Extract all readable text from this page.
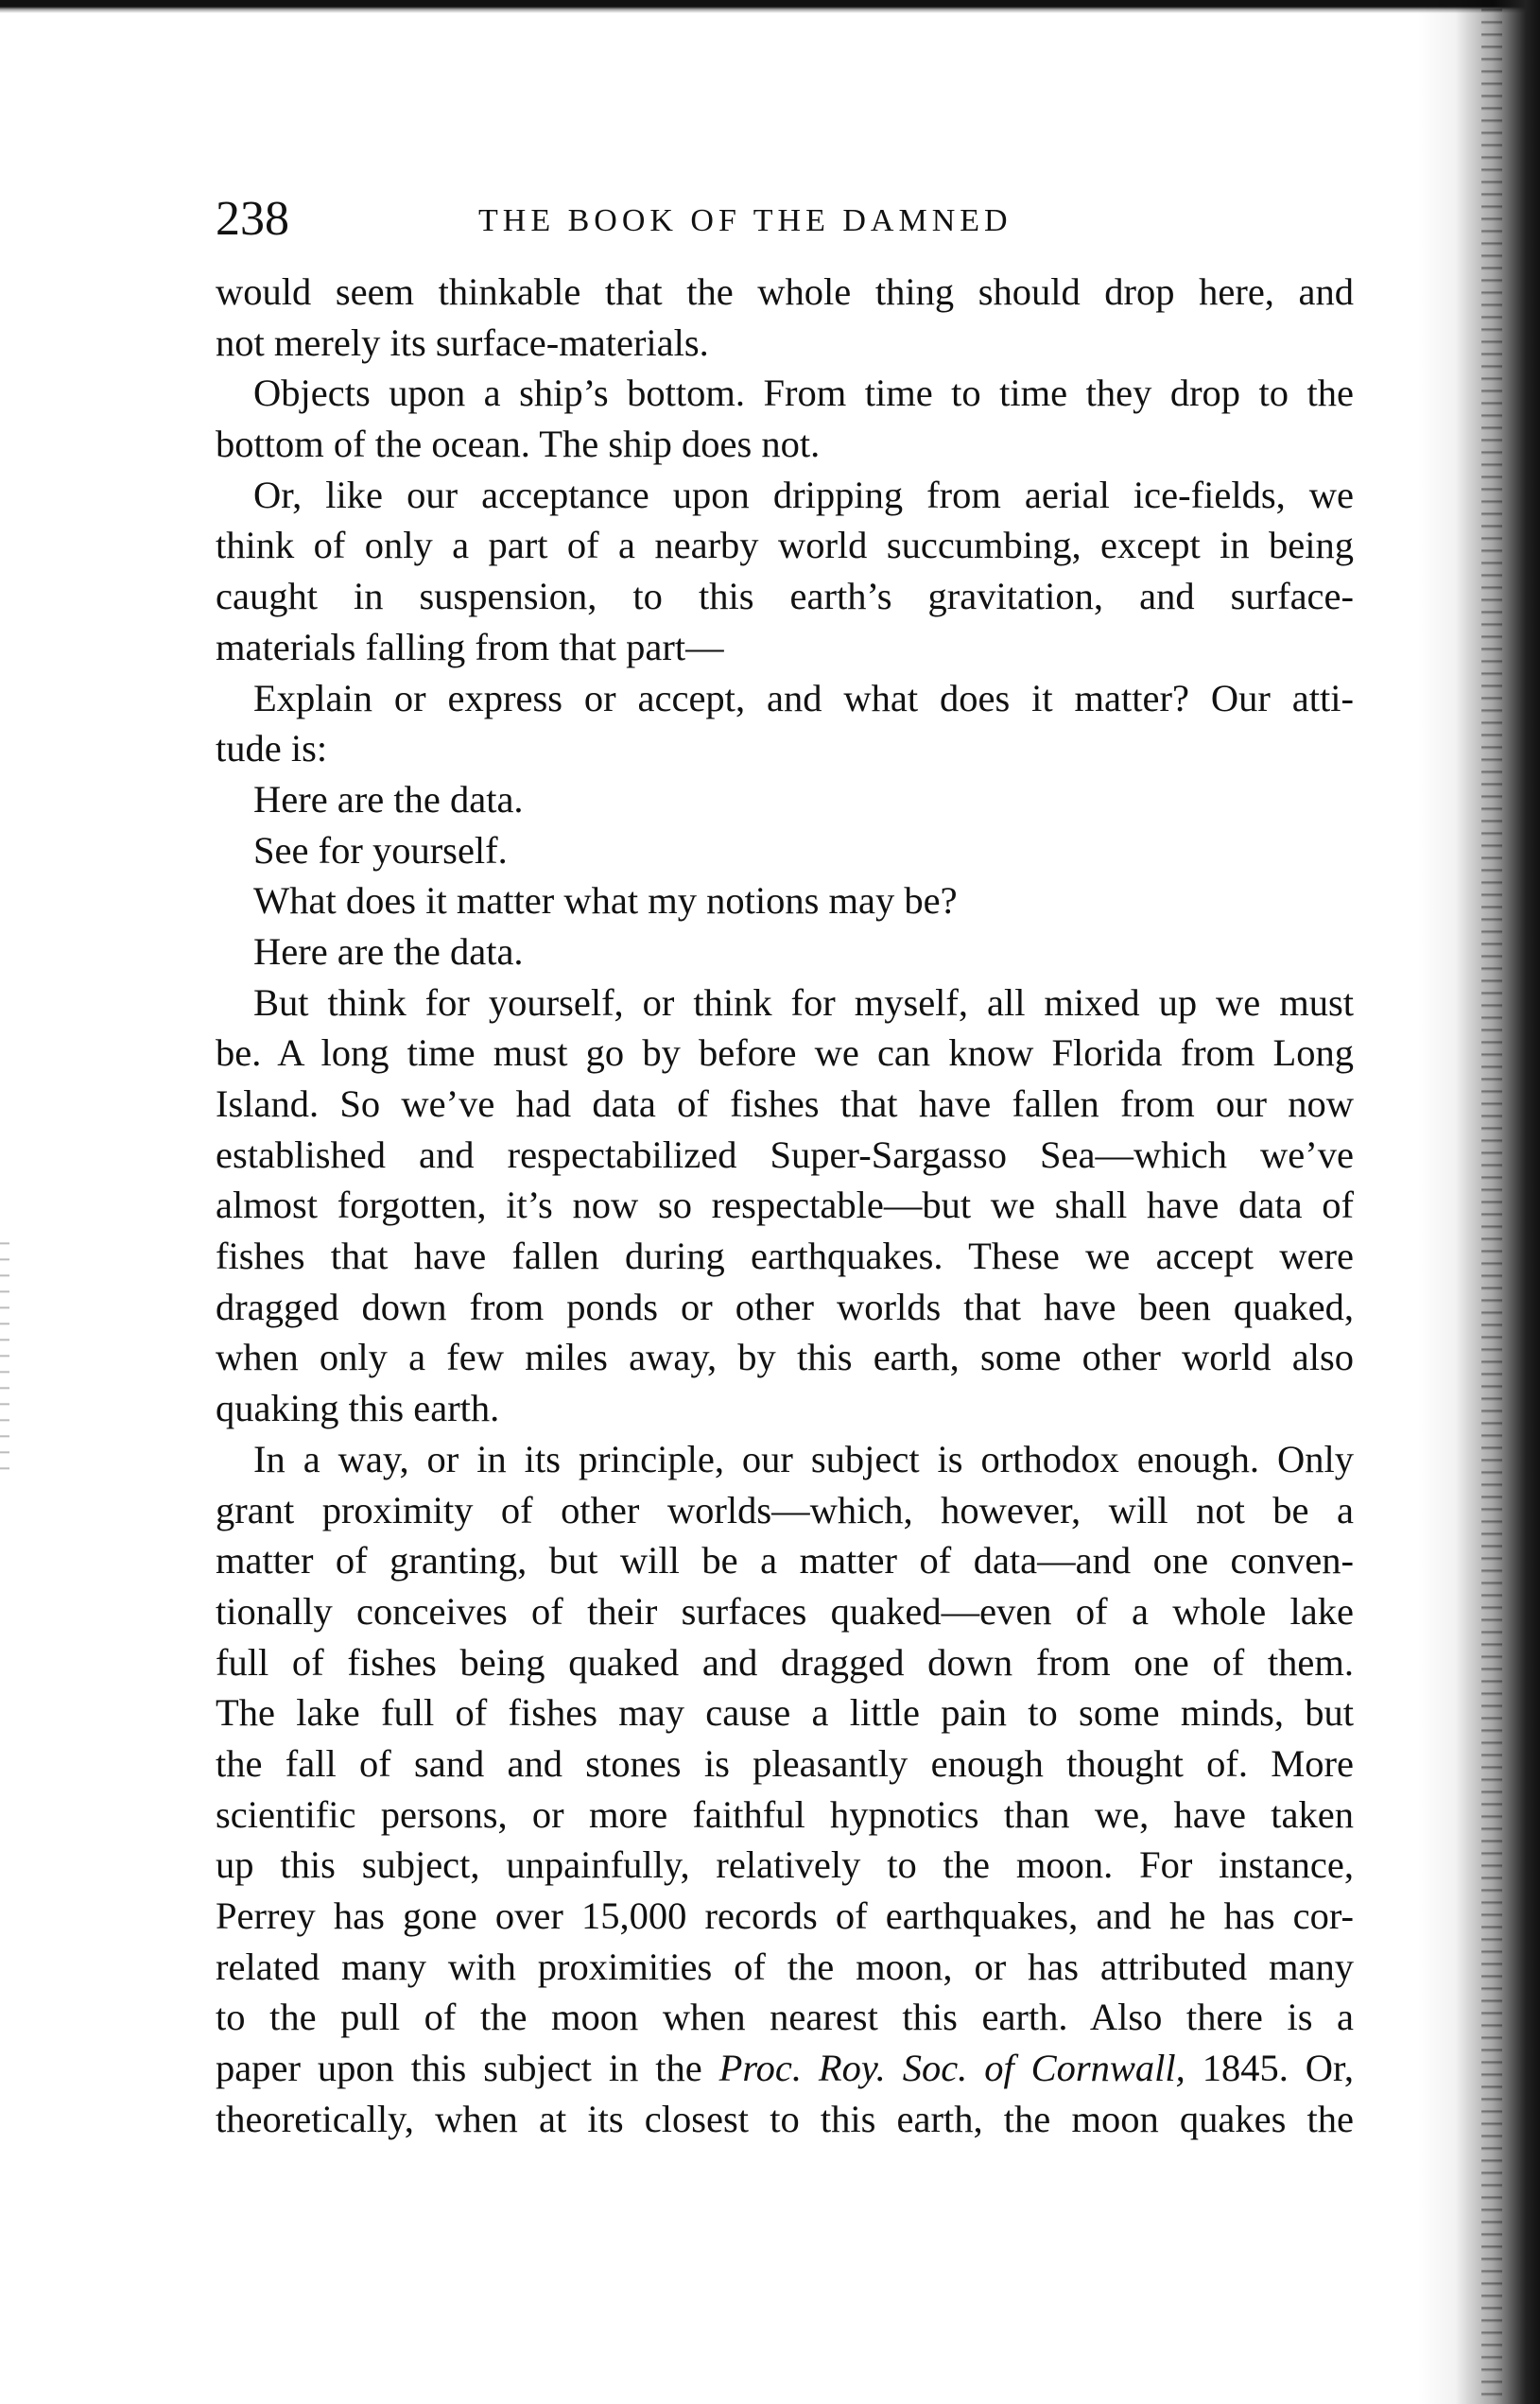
238	THE BOOK OF THE DAMNED
would seem thinkable that the whole thing should drop here, and
not merely its surface-materials.
Objects upon a ship’s bottom. From time to time they drop to the
bottom of the ocean. The ship does not.
Or, like our acceptance upon dripping from aerial ice-fields, we
think of only a part of a nearby world succumbing, except in being
caught in suspension, to this earth’s gravitation, and surface-
materials falling from that part—
Explain or express or accept, and what does it matter? Our atti-
tude is:
Here are the data.
See for yourself.
What does it matter what my notions may be?
Here are the data.
But think for yourself, or think for myself, all mixed up we must
be. A long time must go by before we can know Florida from Long
Island. So we’ve had data of fishes that have fallen from our now
established and respectabilized Super-Sargasso Sea—which we’ve
almost forgotten, it’s now so respectable—but we shall have data of
fishes that have fallen during earthquakes. These we accept were
dragged down from ponds or other worlds that have been quaked,
when only a few miles away, by this earth, some other world also
quaking this earth.
In a way, or in its principle, our subject is orthodox enough. Only
grant proximity of other worlds—which, however, will not be a
matter of granting, but will be a matter of data—and one conven-
tionally conceives of their surfaces quaked—even of a whole lake
full of fishes being quaked and dragged down from one of them.
The lake full of fishes may cause a little pain to some minds, but
the fall of sand and stones is pleasantly enough thought of. More
scientific persons, or more faithful hypnotics than we, have taken
up this subject, unpainfully, relatively to the moon. For instance,
Perrey has gone over 15,000 records of earthquakes, and he has cor-
related many with proximities of the moon, or has attributed many
to the pull of the moon when nearest this earth. Also there is a
paper upon this subject in the Proc. Roy. Soc. of Cornwall, 1845. Or,
theoretically, when at its closest to this earth, the moon quakes the
